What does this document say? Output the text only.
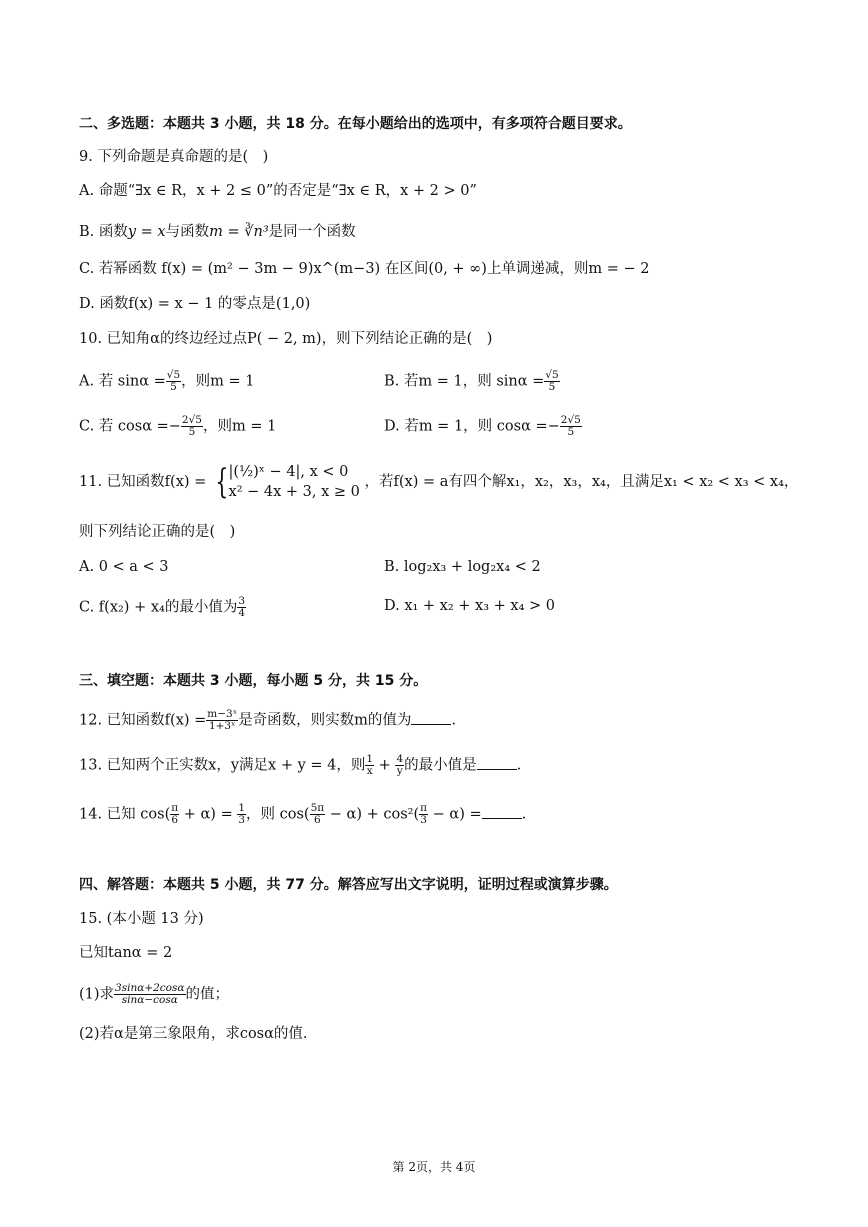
二、多选题：本题共 3 小题，共 18 分。在每小题给出的选项中，有多项符合题目要求。
9. 下列命题是真命题的是(　)
A. 命题“∃x ∈ R，x + 2 ≤ 0”的否定是“∃x ∈ R，x + 2 > 0”
B. 函数y = x与函数m = ∛n³是同一个函数
C. 若幂函数 f(x) = (m² − 3m − 9)x^(m−3) 在区间(0, + ∞)上单调递减，则m = − 2
D. 函数f(x) = x − 1 的零点是(1,0)
10. 已知角α的终边经过点P( − 2, m)，则下列结论正确的是(　)
A. 若 $\sin\alpha = \frac{√5}{5}$ ，则m = 1	B. 若m = 1，则 $\sin\alpha = \frac{√5}{5}$
C. 若 $\cos\alpha =- \frac{2√5}{5}$ ，则m = 1	D. 若m = 1，则 $\cos\alpha =- \frac{2√5}{5}$
11. 已知函数f(x) = { |(½)ˣ − 4|, x < 0
x² − 4x + 3, x ≥ 0
，若f(x) = a有四个解x₁，x₂，x₃，x₄，且满足x₁ < x₂ < x₃ < x₄，
则下列结论正确的是(　)
A. 0 < a < 3	B. log₂x₃ + log₂x₄ < 2
C. f(x₂) + x₄的最小值为 $\frac{3}{4}$	D. x₁ + x₂ + x₃ + x₄ > 0
三、填空题：本题共 3 小题，每小题 5 分，共 15 分。
12. 已知函数$f(x) = \frac{\text{m−3ˣ}}{\text{1+3ˣ}}$ 是奇函数，则实数m的值为	.
13. 已知两个正实数x，y满足x + y = 4，则 $\frac{1}{x} + \frac{4}{y}$ 的最小值是	.
14. 已知 $\cos( \frac{\pi}{6} + \alpha) = \frac{1}{3}$ ，则 $\cos( \frac{5\pi}{6} - \alpha) + \cos^2( \frac{\pi}{3} - \alpha)$ =	.
四、解答题：本题共 5 小题，共 77 分。解答应写出文字说明，证明过程或演算步骤。
15. (本小题 13 分)
已知tanα = 2
(1)求 $\frac{3\sin\alpha+2\cos\alpha}{\sin\alpha-\cos\alpha}$ 的值；
(2)若α是第三象限角，求cosα的值.
第 2页，共 4页
